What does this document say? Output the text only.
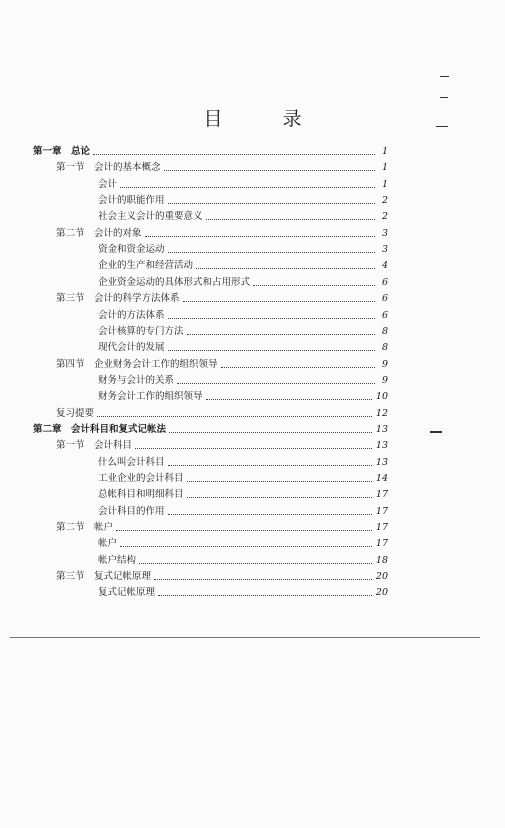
目	录
第一章　总论	1
第一节　会计的基本概念	1
会计	1
会计的职能作用	2
社会主义会计的重要意义	2
第二节　会计的对象	3
资金和资金运动	3
企业的生产和经营活动	4
企业资金运动的具体形式和占用形式	6
第三节　会计的科学方法体系	6
会计的方法体系	6
会计核算的专门方法	8
现代会计的发展	8
第四节　企业财务会计工作的组织领导	9
财务与会计的关系	9
财务会计工作的组织领导	10
复习提要	12
第二章　会计科目和复式记帐法	13
第一节　会计科目	13
什么叫会计科目	13
工业企业的会计科目	14
总帐科目和明细科目	17
会计科目的作用	17
第二节　帐户	17
帐户	17
帐户结构	18
第三节　复式记帐原理	20
复式记帐原理	20
